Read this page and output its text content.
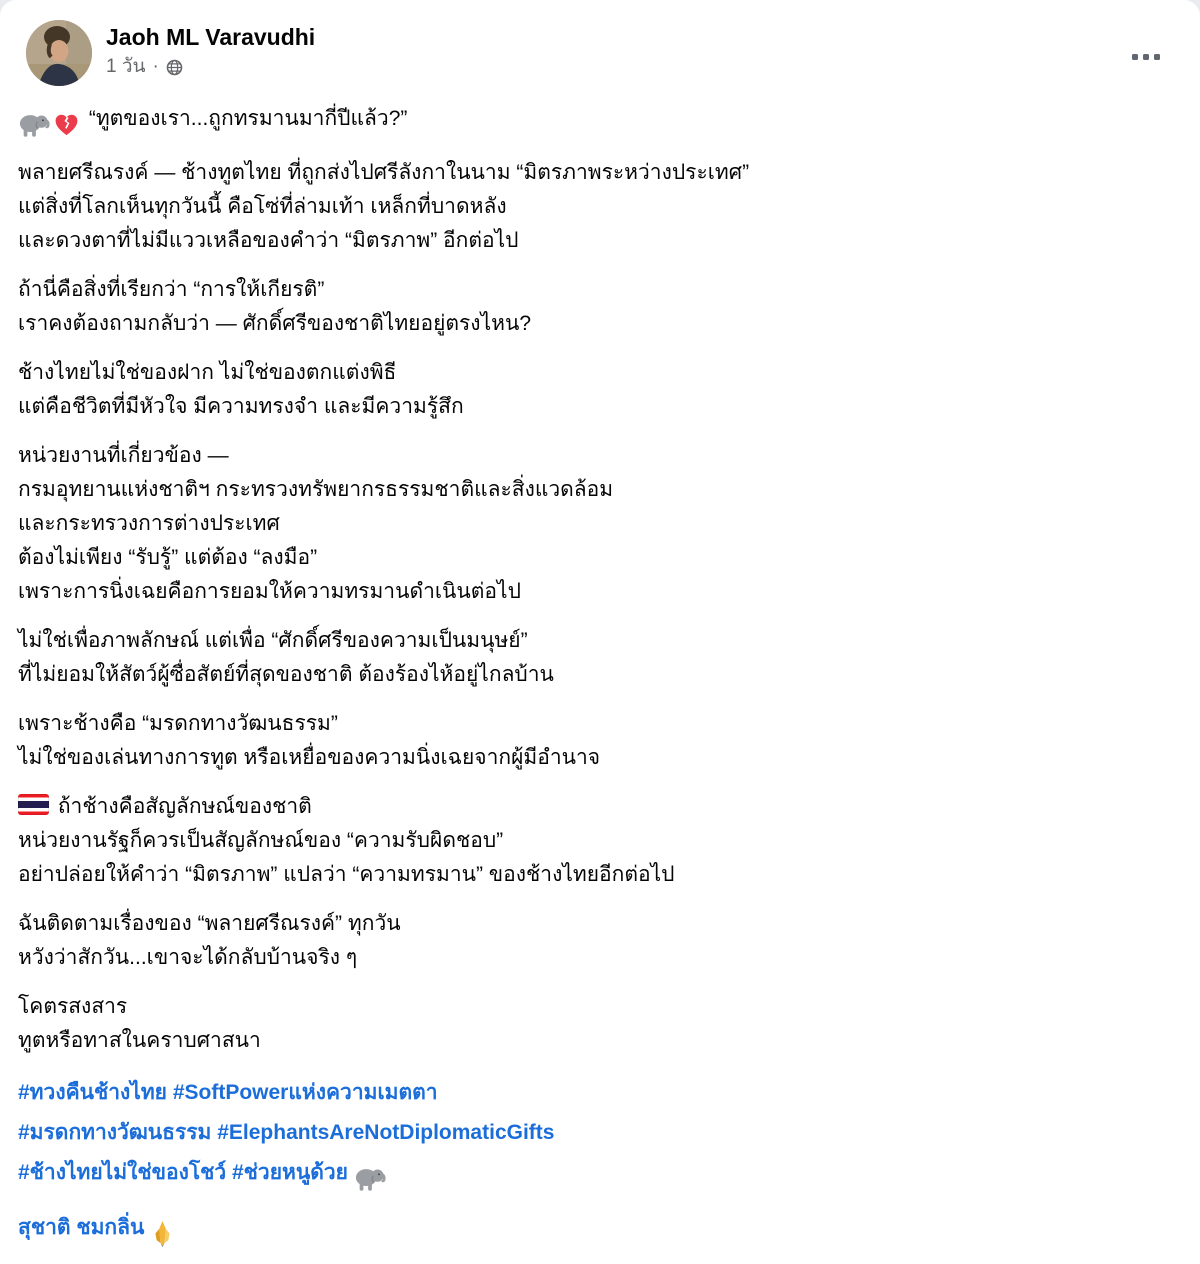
Jaoh ML Varavudhi
1 วัน ·

“ทูตของเรา...ถูกทรมานมากี่ปีแล้ว?”

พลายศรีณรงค์ — ช้างทูตไทย ที่ถูกส่งไปศรีลังกาในนาม “มิตรภาพระหว่างประเทศ”
แต่สิ่งที่โลกเห็นทุกวันนี้ คือโซ่ที่ล่ามเท้า เหล็กที่บาดหลัง
และดวงตาที่ไม่มีแววเหลือของคำว่า “มิตรภาพ” อีกต่อไป

ถ้านี่คือสิ่งที่เรียกว่า “การให้เกียรติ”
เราคงต้องถามกลับว่า — ศักดิ์ศรีของชาติไทยอยู่ตรงไหน?

ช้างไทยไม่ใช่ของฝาก ไม่ใช่ของตกแต่งพิธี
แต่คือชีวิตที่มีหัวใจ มีความทรงจำ และมีความรู้สึก

หน่วยงานที่เกี่ยวข้อง —
กรมอุทยานแห่งชาติฯ กระทรวงทรัพยากรธรรมชาติและสิ่งแวดล้อม
และกระทรวงการต่างประเทศ
ต้องไม่เพียง “รับรู้” แต่ต้อง “ลงมือ”
เพราะการนิ่งเฉยคือการยอมให้ความทรมานดำเนินต่อไป

ไม่ใช่เพื่อภาพลักษณ์ แต่เพื่อ “ศักดิ์ศรีของความเป็นมนุษย์”
ที่ไม่ยอมให้สัตว์ผู้ซื่อสัตย์ที่สุดของชาติ ต้องร้องไห้อยู่ไกลบ้าน

เพราะช้างคือ “มรดกทางวัฒนธรรม”
ไม่ใช่ของเล่นทางการทูต หรือเหยื่อของความนิ่งเฉยจากผู้มีอำนาจ

ถ้าช้างคือสัญลักษณ์ของชาติ
หน่วยงานรัฐก็ควรเป็นสัญลักษณ์ของ “ความรับผิดชอบ”
อย่าปล่อยให้คำว่า “มิตรภาพ” แปลว่า “ความทรมาน” ของช้างไทยอีกต่อไป

ฉันติดตามเรื่องของ “พลายศรีณรงค์” ทุกวัน
หวังว่าสักวัน...เขาจะได้กลับบ้านจริง ๆ

โคตรสงสาร
ทูตหรือทาสในคราบศาสนา

#ทวงคืนช้างไทย #SoftPowerแห่งความเมตตา
#มรดกทางวัฒนธรรม #ElephantsAreNotDiplomaticGifts
#ช้างไทยไม่ใช่ของโชว์ #ช่วยหนูด้วย

สุชาติ ชมกลิ่น
